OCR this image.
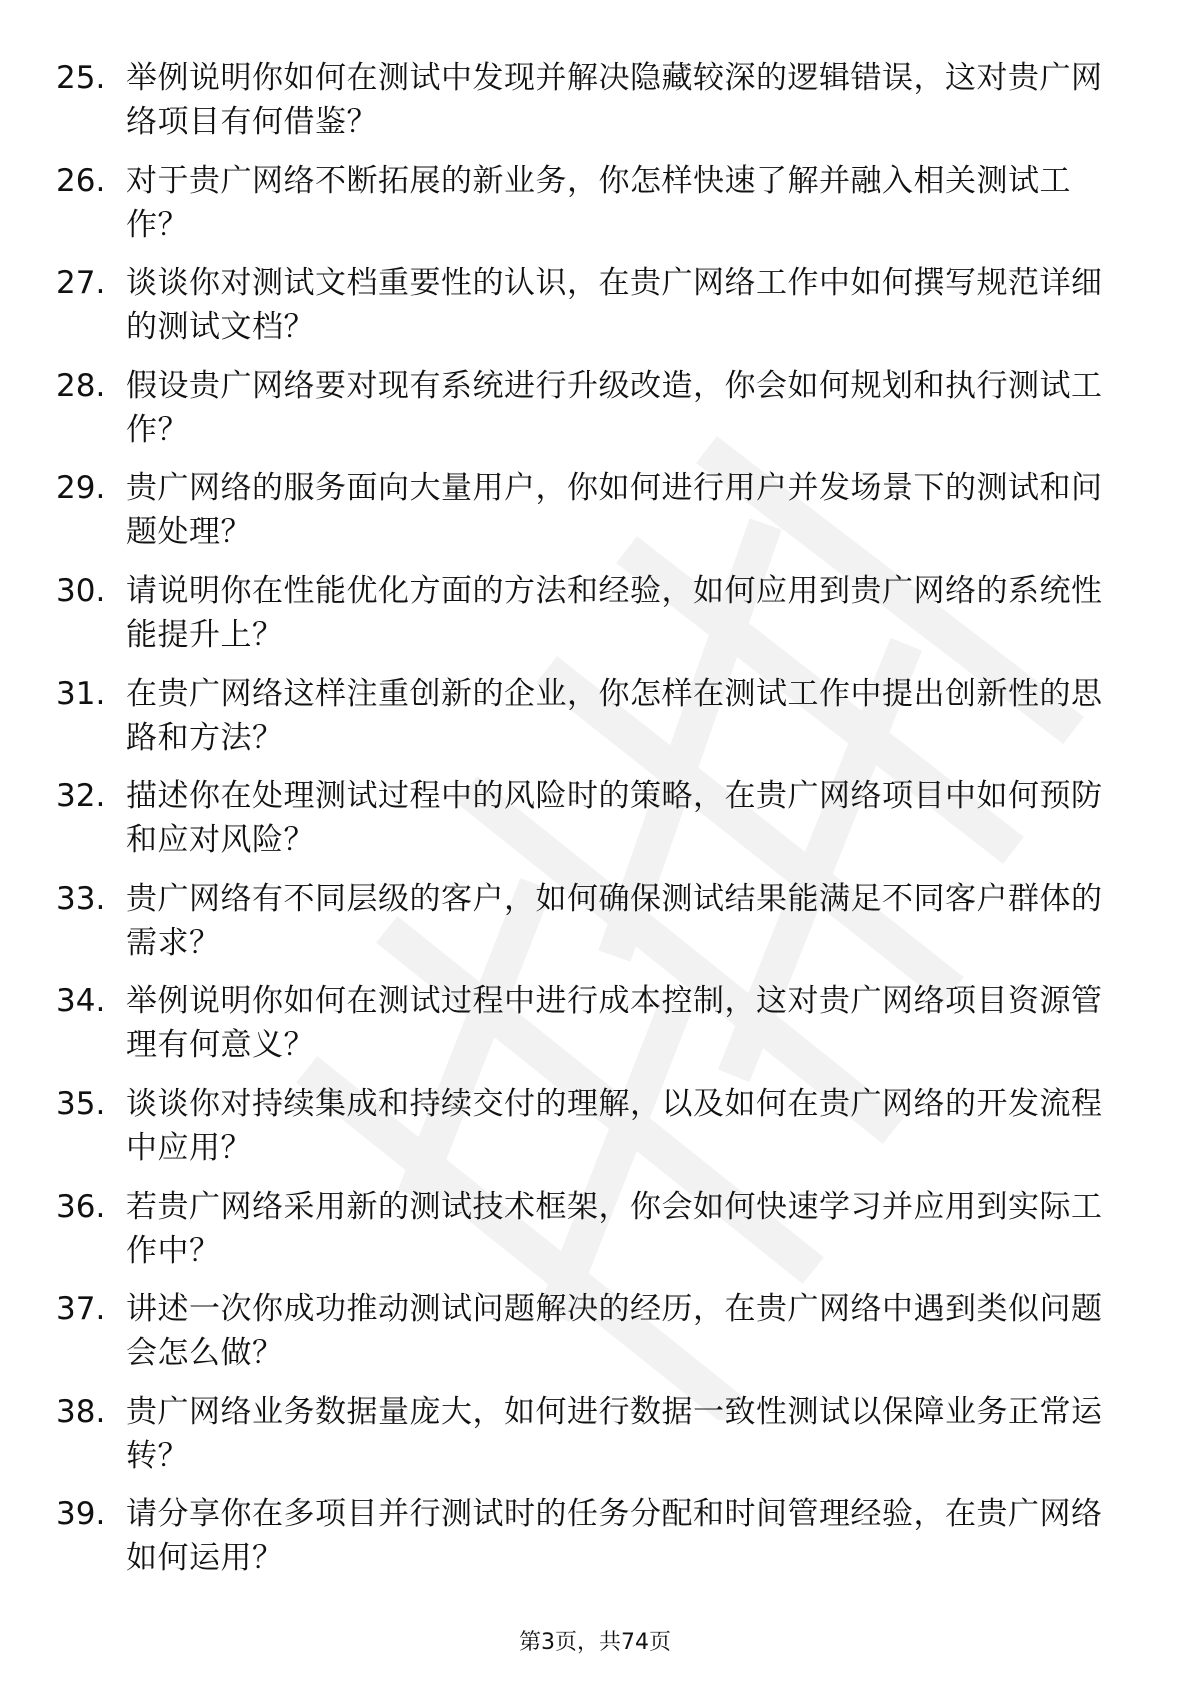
25. 举例说明你如何在测试中发现并解决隐藏较深的逻辑错误，这对贵广网络项目有何借鉴？
26. 对于贵广网络不断拓展的新业务，你怎样快速了解并融入相关测试工作？
27. 谈谈你对测试文档重要性的认识，在贵广网络工作中如何撰写规范详细的测试文档？
28. 假设贵广网络要对现有系统进行升级改造，你会如何规划和执行测试工作？
29. 贵广网络的服务面向大量用户，你如何进行用户并发场景下的测试和问题处理？
30. 请说明你在性能优化方面的方法和经验，如何应用到贵广网络的系统性能提升上？
31. 在贵广网络这样注重创新的企业，你怎样在测试工作中提出创新性的思路和方法？
32. 描述你在处理测试过程中的风险时的策略，在贵广网络项目中如何预防和应对风险？
33. 贵广网络有不同层级的客户，如何确保测试结果能满足不同客户群体的需求？
34. 举例说明你如何在测试过程中进行成本控制，这对贵广网络项目资源管理有何意义？
35. 谈谈你对持续集成和持续交付的理解，以及如何在贵广网络的开发流程中应用？
36. 若贵广网络采用新的测试技术框架，你会如何快速学习并应用到实际工作中？
37. 讲述一次你成功推动测试问题解决的经历，在贵广网络中遇到类似问题会怎么做？
38. 贵广网络业务数据量庞大，如何进行数据一致性测试以保障业务正常运转？
39. 请分享你在多项目并行测试时的任务分配和时间管理经验，在贵广网络如何运用？
第3页，共74页
